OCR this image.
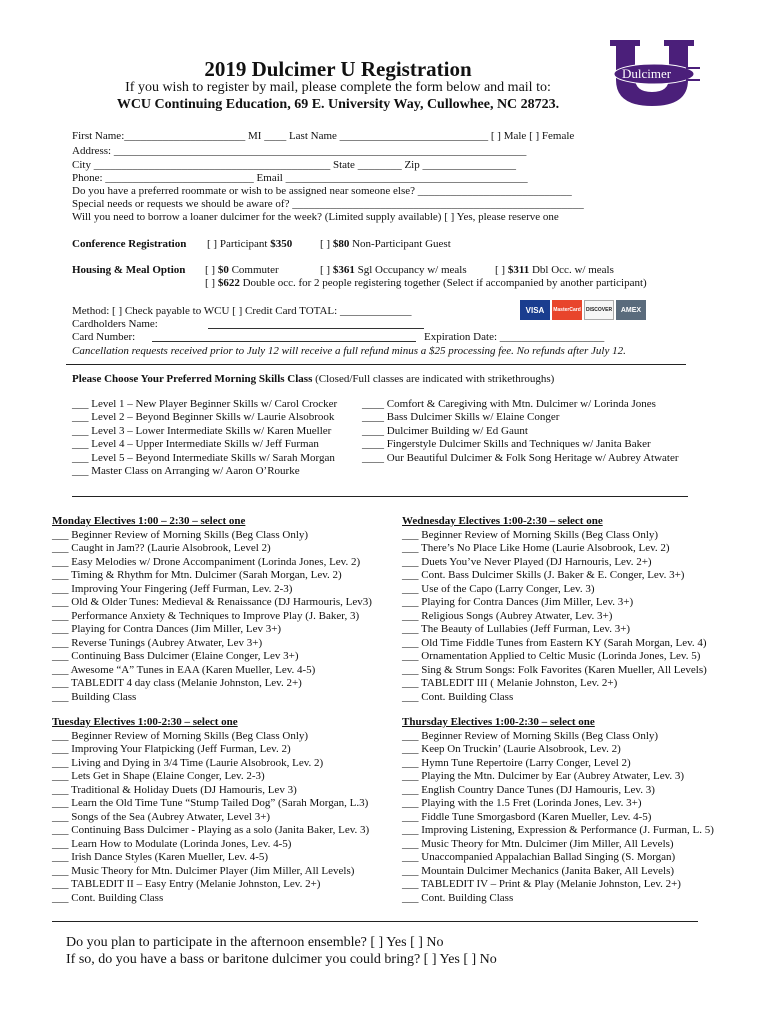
2019 Dulcimer U Registration
If you wish to register by mail, please complete the form below and mail to:
WCU Continuing Education, 69 E. University Way, Cullowhee, NC 28723.
Dulcimer
First Name:______________________ MI ____ Last Name ___________________________ [ ] Male [ ] Female
Address: ___________________________________________________________________________
City ___________________________________________ State ________ Zip _________________
Phone: ___________________________ Email ____________________________________________
Do you have a preferred roommate or wish to be assigned near someone else? ____________________________
Special needs or requests we should be aware of? _____________________________________________________
Will you need to borrow a loaner dulcimer for the week? (Limited supply available) [ ] Yes, please reserve one
Conference Registration [ ] Participant $350	[ ] $80 Non-Participant Guest
Housing & Meal Option [ ] $0 Commuter	[ ] $361 Sgl Occupancy w/ meals	[ ] $311 Dbl Occ. w/ meals
[ ] $622 Double occ. for 2 people registering together (Select if accompanied by another participant)
Method: [ ] Check payable to WCU [ ] Credit Card TOTAL: _____________
Cardholders Name:
Card Number:	Expiration Date: ___________________
Cancellation requests received prior to July 12 will receive a full refund minus a $25 processing fee. No refunds after July 12.
VISA	MasterCard	DISCOVER	AMEX
Please Choose Your Preferred Morning Skills Class (Closed/Full classes are indicated with strikethroughs)
___ Level 1 – New Player Beginner Skills w/ Carol Crocker
___ Level 2 – Beyond Beginner Skills w/ Laurie Alsobrook
___ Level 3 – Lower Intermediate Skills w/ Karen Mueller
___ Level 4 – Upper Intermediate Skills w/ Jeff Furman
___ Level 5 – Beyond Intermediate Skills w/ Sarah Morgan
___ Master Class on Arranging w/ Aaron O’Rourke
____ Comfort & Caregiving with Mtn. Dulcimer w/ Lorinda Jones
____ Bass Dulcimer Skills w/ Elaine Conger
____ Dulcimer Building w/ Ed Gaunt
____ Fingerstyle Dulcimer Skills and Techniques w/ Janita Baker
____ Our Beautiful Dulcimer & Folk Song Heritage w/ Aubrey Atwater
Monday Electives 1:00 – 2:30 – select one
___ Beginner Review of Morning Skills (Beg Class Only)
___ Caught in Jam?? (Laurie Alsobrook, Level 2)
___ Easy Melodies w/ Drone Accompaniment (Lorinda Jones, Lev. 2)
___ Timing & Rhythm for Mtn. Dulcimer (Sarah Morgan, Lev. 2)
___ Improving Your Fingering (Jeff Furman, Lev. 2-3)
___ Old & Older Tunes: Medieval & Renaissance (DJ Harmouris, Lev3)
___ Performance Anxiety & Techniques to Improve Play (J. Baker, 3)
___ Playing for Contra Dances (Jim Miller, Lev 3+)
___ Reverse Tunings (Aubrey Atwater, Lev 3+)
___ Continuing Bass Dulcimer (Elaine Conger, Lev 3+)
___ Awesome “A” Tunes in EAA (Karen Mueller, Lev. 4-5)
___ TABLEDIT 4 day class (Melanie Johnston, Lev. 2+)
___ Building Class
Wednesday Electives 1:00-2:30 – select one
___ Beginner Review of Morning Skills (Beg Class Only)
___ There’s No Place Like Home (Laurie Alsobrook, Lev. 2)
___ Duets You’ve Never Played (DJ Harnouris, Lev. 2+)
___ Cont. Bass Dulcimer Skills (J. Baker & E. Conger, Lev. 3+)
___ Use of the Capo (Larry Conger, Lev. 3)
___ Playing for Contra Dances (Jim Miller, Lev. 3+)
___ Religious Songs (Aubrey Atwater, Lev. 3+)
___ The Beauty of Lullabies (Jeff Furman, Lev. 3+)
___ Old Time Fiddle Tunes from Eastern KY (Sarah Morgan, Lev. 4)
___ Ornamentation Applied to Celtic Music (Lorinda Jones, Lev. 5)
___ Sing & Strum Songs: Folk Favorites (Karen Mueller, All Levels)
___ TABLEDIT III ( Melanie Johnston, Lev. 2+)
___ Cont. Building Class
Tuesday Electives 1:00-2:30 – select one
___ Beginner Review of Morning Skills (Beg Class Only)
___ Improving Your Flatpicking (Jeff Furman, Lev. 2)
___ Living and Dying in 3/4 Time (Laurie Alsobrook, Lev. 2)
___ Lets Get in Shape (Elaine Conger, Lev. 2-3)
___ Traditional & Holiday Duets (DJ Hamouris, Lev 3)
___ Learn the Old Time Tune “Stump Tailed Dog” (Sarah Morgan, L.3)
___ Songs of the Sea (Aubrey Atwater, Level 3+)
___ Continuing Bass Dulcimer - Playing as a solo (Janita Baker, Lev. 3)
___ Learn How to Modulate (Lorinda Jones, Lev. 4-5)
___ Irish Dance Styles (Karen Mueller, Lev. 4-5)
___ Music Theory for Mtn. Dulcimer Player (Jim Miller, All Levels)
___ TABLEDIT II – Easy Entry (Melanie Johnston, Lev. 2+)
___ Cont. Building Class
Thursday Electives 1:00-2:30 – select one
___ Beginner Review of Morning Skills (Beg Class Only)
___ Keep On Truckin’ (Laurie Alsobrook, Lev. 2)
___ Hymn Tune Repertoire (Larry Conger, Level 2)
___ Playing the Mtn. Dulcimer by Ear (Aubrey Atwater, Lev. 3)
___ English Country Dance Tunes (DJ Hamouris, Lev. 3)
___ Playing with the 1.5 Fret (Lorinda Jones, Lev. 3+)
___ Fiddle Tune Smorgasbord (Karen Mueller, Lev. 4-5)
___ Improving Listening, Expression & Performance (J. Furman, L. 5)
___ Music Theory for Mtn. Dulcimer (Jim Miller, All Levels)
___ Unaccompanied Appalachian Ballad Singing (S. Morgan)
___ Mountain Dulcimer Mechanics (Janita Baker, All Levels)
___ TABLEDIT IV – Print & Play (Melanie Johnston, Lev. 2+)
___ Cont. Building Class
Do you plan to participate in the afternoon ensemble? [ ] Yes [ ] No
If so, do you have a bass or baritone dulcimer you could bring? [ ] Yes [ ] No
